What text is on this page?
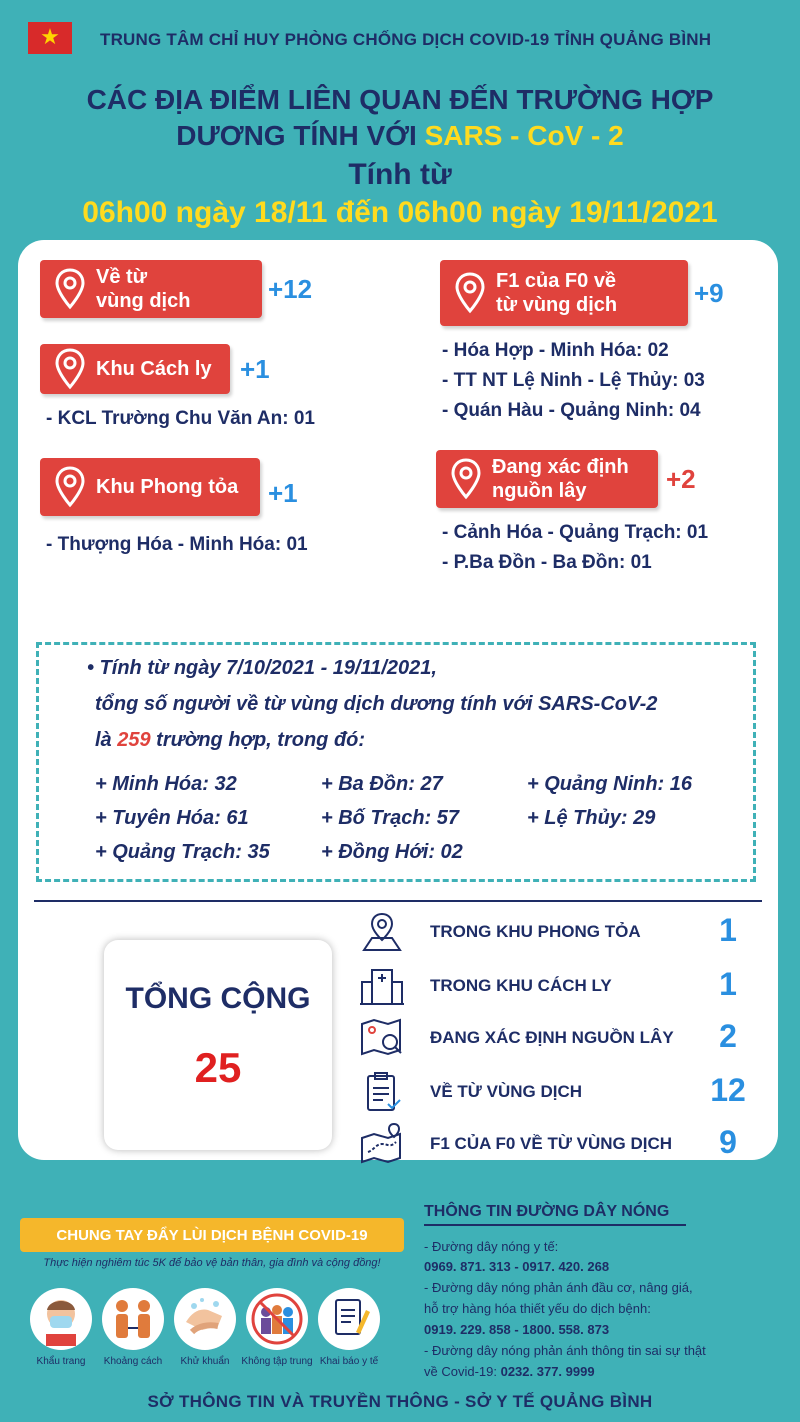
★ TRUNG TÂM CHỈ HUY PHÒNG CHỐNG DỊCH COVID-19 TỈNH QUẢNG BÌNH
CÁC ĐỊA ĐIỂM LIÊN QUAN ĐẾN TRƯỜNG HỢP
DƯƠNG TÍNH VỚI SARS - CoV - 2
Tính từ
06h00 ngày 18/11 đến 06h00 ngày 19/11/2021
Về từ
vùng dịch	+12
Khu Cách ly +1
- KCL Trường Chu Văn An: 01
Khu Phong tỏa +1
- Thượng Hóa - Minh Hóa: 01
F1 của F0 về
từ vùng dịch	+9
- Hóa Hợp - Minh Hóa: 02
- TT NT Lệ Ninh - Lệ Thủy: 03
- Quán Hàu - Quảng Ninh: 04
Đang xác định
nguồn lây	+2
- Cảnh Hóa - Quảng Trạch: 01
- P.Ba Đồn - Ba Đồn: 01
• Tính từ ngày 7/10/2021 - 19/11/2021,
tổng số người về từ vùng dịch dương tính với SARS-CoV-2
là 259 trường hợp, trong đó:
+ Minh Hóa: 32	+ Ba Đồn: 27	+ Quảng Ninh: 16
+ Tuyên Hóa: 61	+ Bố Trạch: 57	+ Lệ Thủy: 29
+ Quảng Trạch: 35	+ Đồng Hới: 02
TỔNG CỘNG
25
TRONG KHU PHONG TỎA	1
TRONG KHU CÁCH LY	1
ĐANG XÁC ĐỊNH NGUỒN LÂY	2
VỀ TỪ VÙNG DỊCH	12
F1 CỦA F0 VỀ TỪ VÙNG DỊCH	9
CHUNG TAY ĐẨY LÙI DỊCH BỆNH COVID-19
Thực hiện nghiêm túc 5K để bảo vệ bản thân, gia đình và cộng đồng!
Khẩu trang	Khoảng cách	Khử khuẩn	Không tập trung Khai báo y tế
THÔNG TIN ĐƯỜNG DÂY NÓNG
- Đường dây nóng y tế:
0969. 871. 313 - 0917. 420. 268
- Đường dây nóng phản ánh đầu cơ, nâng giá,
hỗ trợ hàng hóa thiết yếu do dịch bệnh:
0919. 229. 858 - 1800. 558. 873
- Đường dây nóng phản ánh thông tin sai sự thật
về Covid-19: 0232. 377. 9999
SỞ THÔNG TIN VÀ TRUYỀN THÔNG - SỞ Y TẾ QUẢNG BÌNH
